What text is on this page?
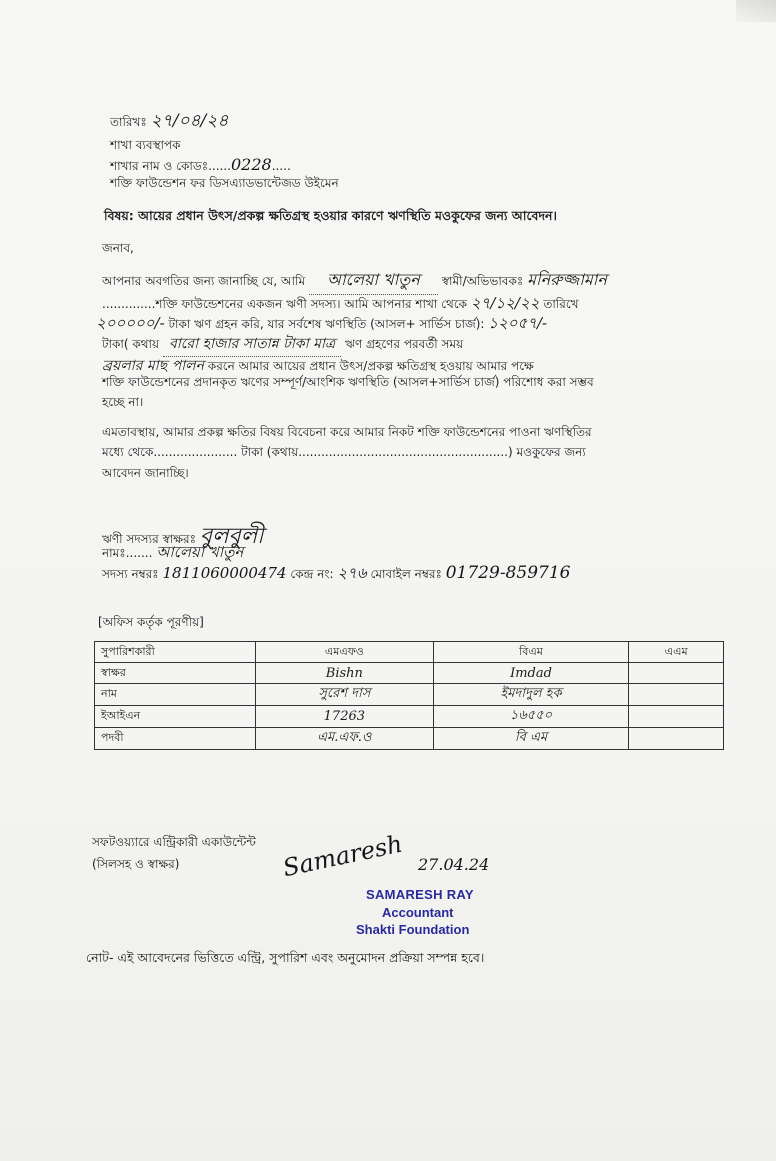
তারিখঃ ২৭/০৪/২৪
শাখা ব্যবস্থাপক
শাখার নাম ও কোডঃ......0228.....
শক্তি ফাউন্ডেশন ফর ডিসএ্যাডভান্টেজড উইমেন
বিষয়: আয়ের প্রধান উৎস/প্রকল্প ক্ষতিগ্রস্থ হওয়ার কারণে ঋণস্থিতি মওকুফের জন্য আবেদন।
জনাব,
আপনার অবগতির জন্য জানাচ্ছি যে, আমি আলেয়া খাতুন স্বামী/অভিভাবকঃ মনিরুজ্জামান
..............শক্তি ফাউন্ডেশনের একজন ঋণী সদস্য। আমি আপনার শাখা থেকে ২৭/১২/২২ তারিখে
২০০০০০/- টাকা ঋণ গ্রহন করি, যার সর্বশেষ ঋণস্থিতি (আসল+ সার্ভিস চার্জ): ১২০৫৭/-
টাকা( কথায় বারো হাজার সাতান্ন টাকা মাত্র ঋণ গ্রহণের পরবর্তী সময়
ব্রয়লার মাছ পালন করনে আমার আয়ের প্রধান উৎস/প্রকল্প ক্ষতিগ্রস্থ হওয়ায় আমার পক্ষে
শক্তি ফাউন্ডেশনের প্রদানকৃত ঋণের সম্পূর্ণ/আংশিক ঋণস্থিতি (আসল+সার্ভিস চার্জ) পরিশোধ করা সম্ভব
হচ্ছে না।
এমতাবস্থায়, আমার প্রকল্প ক্ষতির বিষয় বিবেচনা করে আমার নিকট শক্তি ফাউন্ডেশনের পাওনা ঋণস্থিতির
মধ্যে থেকে...................... টাকা (কথায়.......................................................) মওকুফের জন্য
আবেদন জানাচ্ছি।
ঋণী সদস্যর স্বাক্ষরঃ বুলবুলী
নামঃ....... আলেয়া খাতুন
সদস্য নম্বরঃ 1811060000474 কেন্দ্র নং: ২৭৬ মোবাইল নম্বরঃ 01729-859716
[অফিস কর্তৃক পূরণীয়]
সুপারিশকারী	এমএফও	বিএম	এএম
স্বাক্ষর	Bishn	Imdad	
নাম	সুরেশ দাস	ইমদাদুল হক	
ইআইএন	17263	১৬৫৫০	
পদবী	এম.এফ.ও	বি এম	
সফটওয়্যারে এন্ট্রিকারী একাউন্টেন্ট
(সিলসহ ও স্বাক্ষর)	Samaresh 27.04.24
SAMARESH RAY
Accountant
Shakti Foundation
নোট- এই আবেদনের ভিত্তিতে এন্ট্রি, সুপারিশ এবং অনুমোদন প্রক্রিয়া সম্পন্ন হবে।
